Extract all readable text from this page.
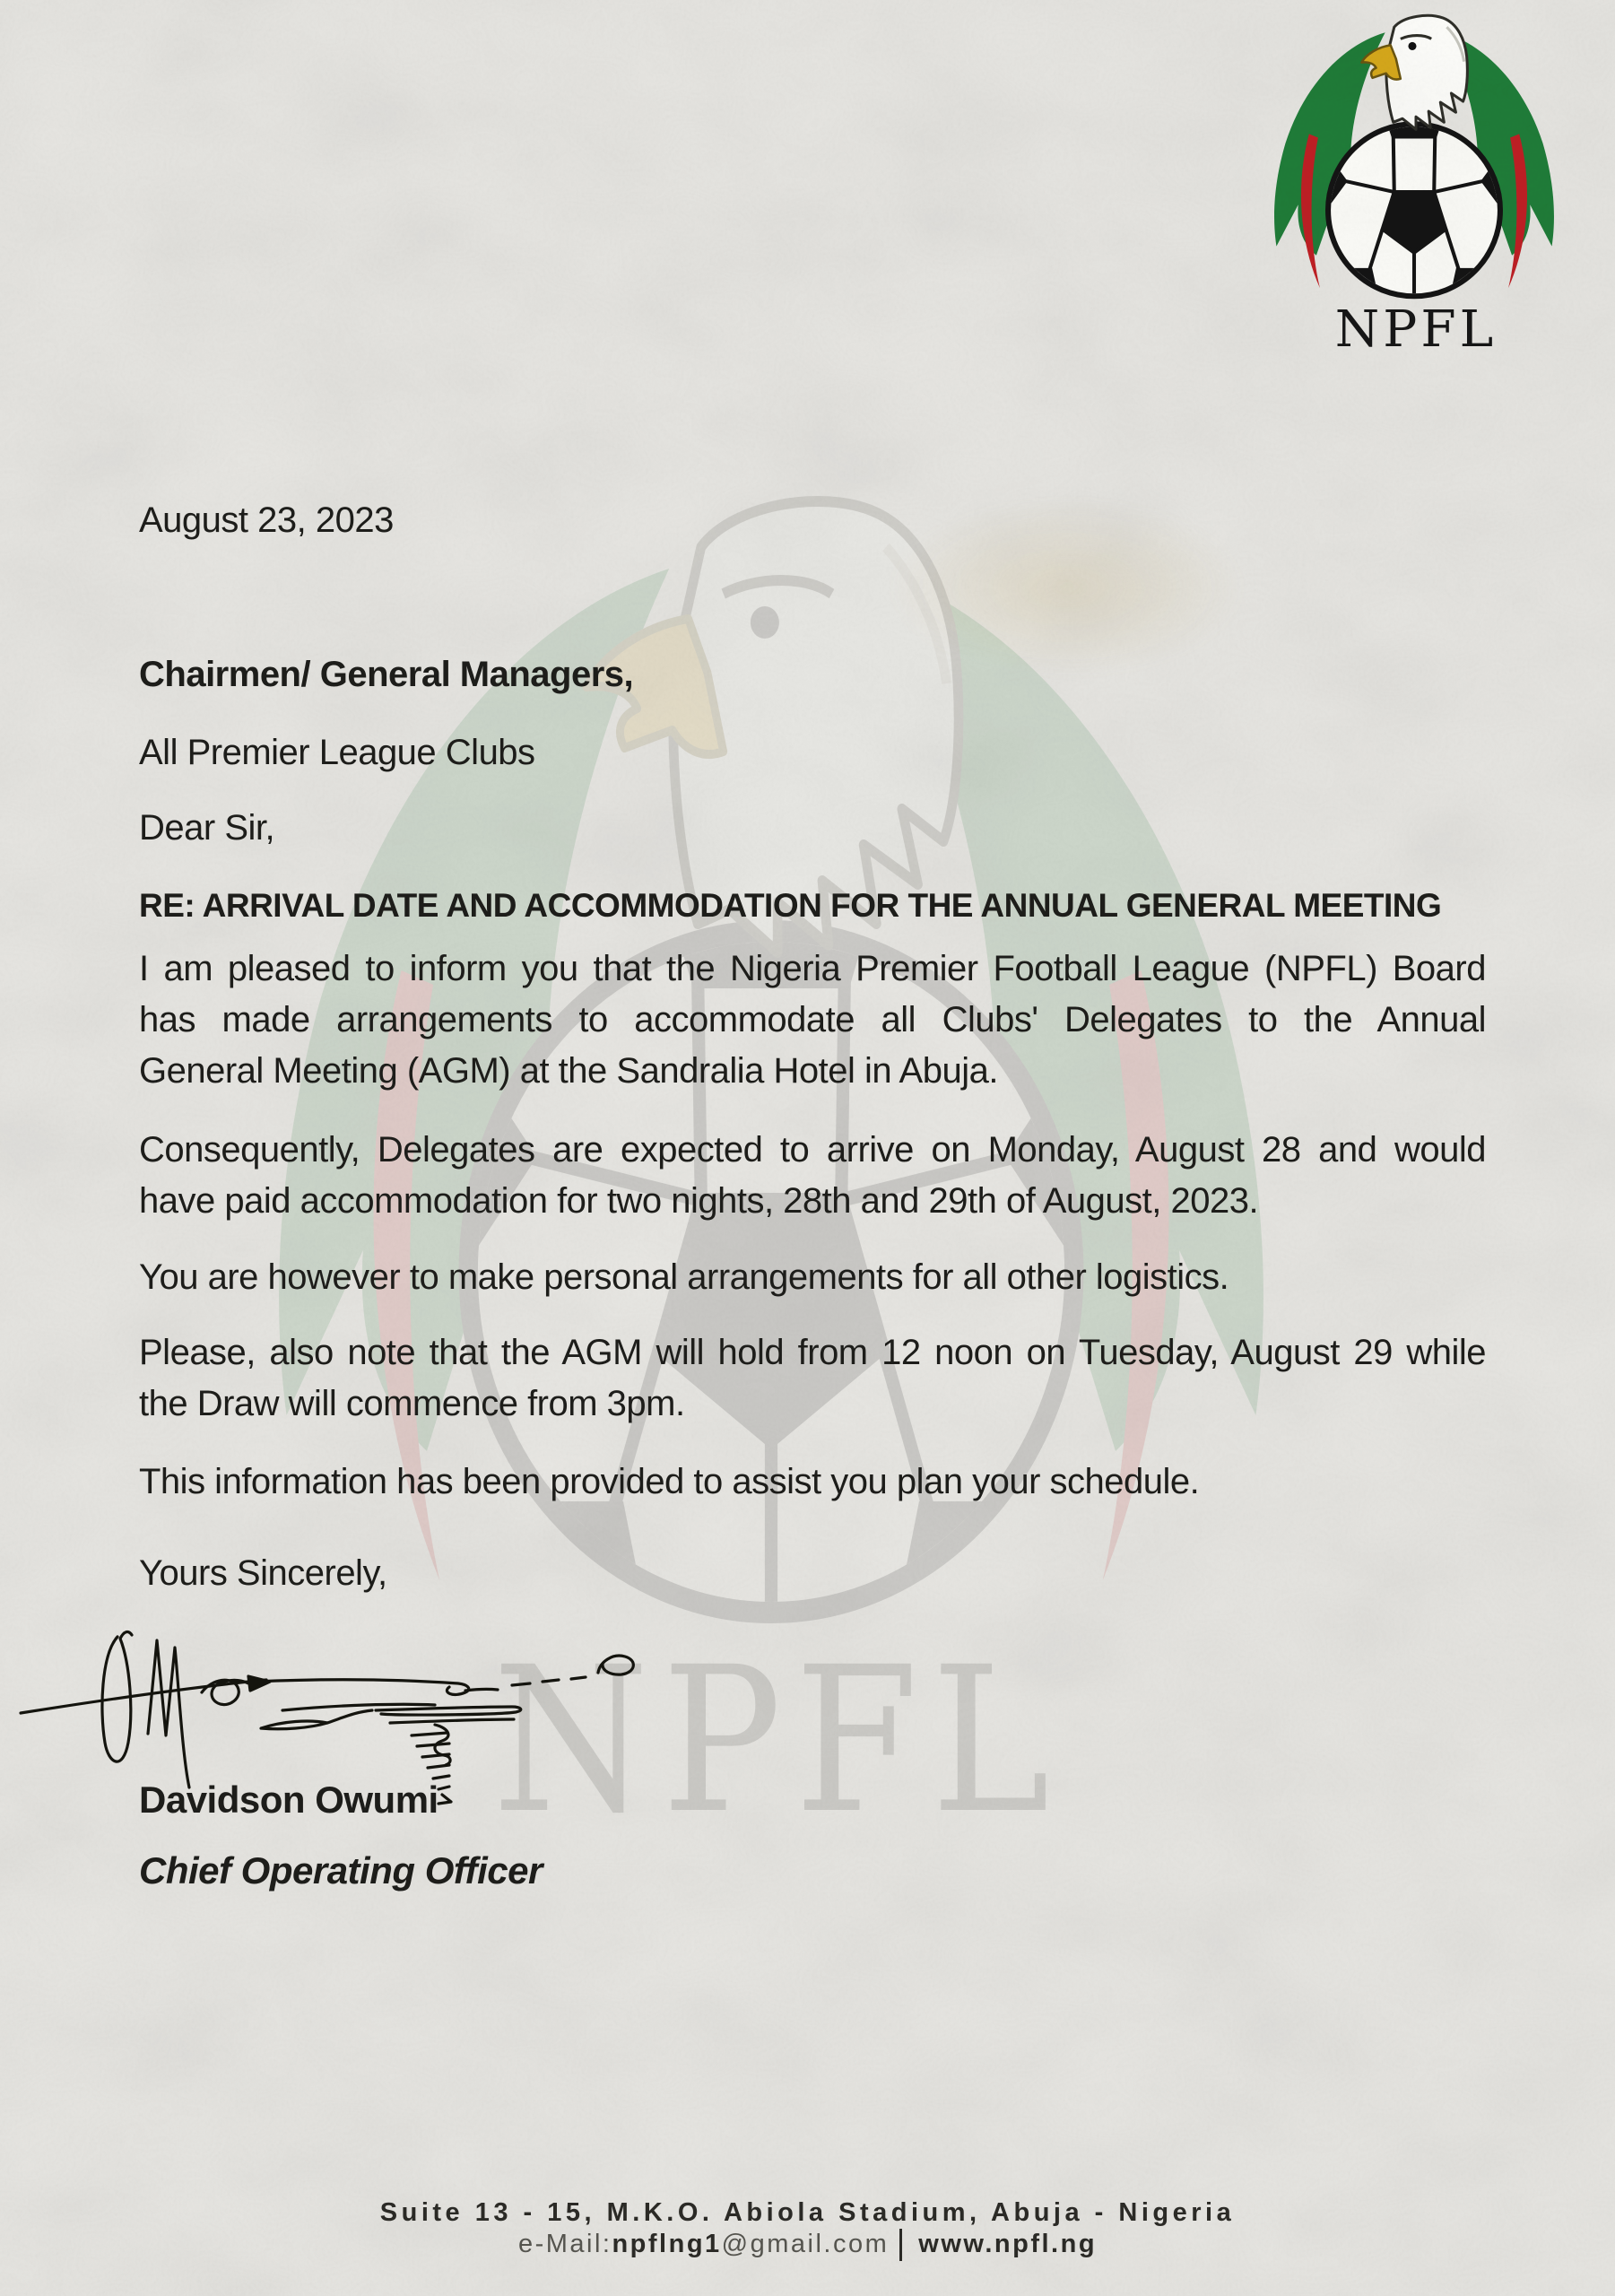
August 23, 2023
Chairmen/ General Managers,
All Premier League Clubs
Dear Sir,
RE: ARRIVAL DATE AND ACCOMMODATION FOR THE ANNUAL GENERAL MEETING
I am pleased to inform you that the Nigeria Premier Football League (NPFL) Board
has made arrangements to accommodate all Clubs' Delegates to the Annual
General Meeting (AGM) at the Sandralia Hotel in Abuja.
Consequently, Delegates are expected to arrive on Monday, August 28 and would
have paid accommodation for two nights, 28th and 29th of August, 2023.
You are however to make personal arrangements for all other logistics.
Please, also note that the AGM will hold from 12 noon on Tuesday, August 29 while
the Draw will commence from 3pm.
This information has been provided to assist you plan your schedule.
Yours Sincerely,
Davidson Owumi
Chief Operating Officer
Suite 13 - 15, M.K.O. Abiola Stadium, Abuja - Nigeria
e-Mail:npflng1@gmail.com www.npfl.ng
